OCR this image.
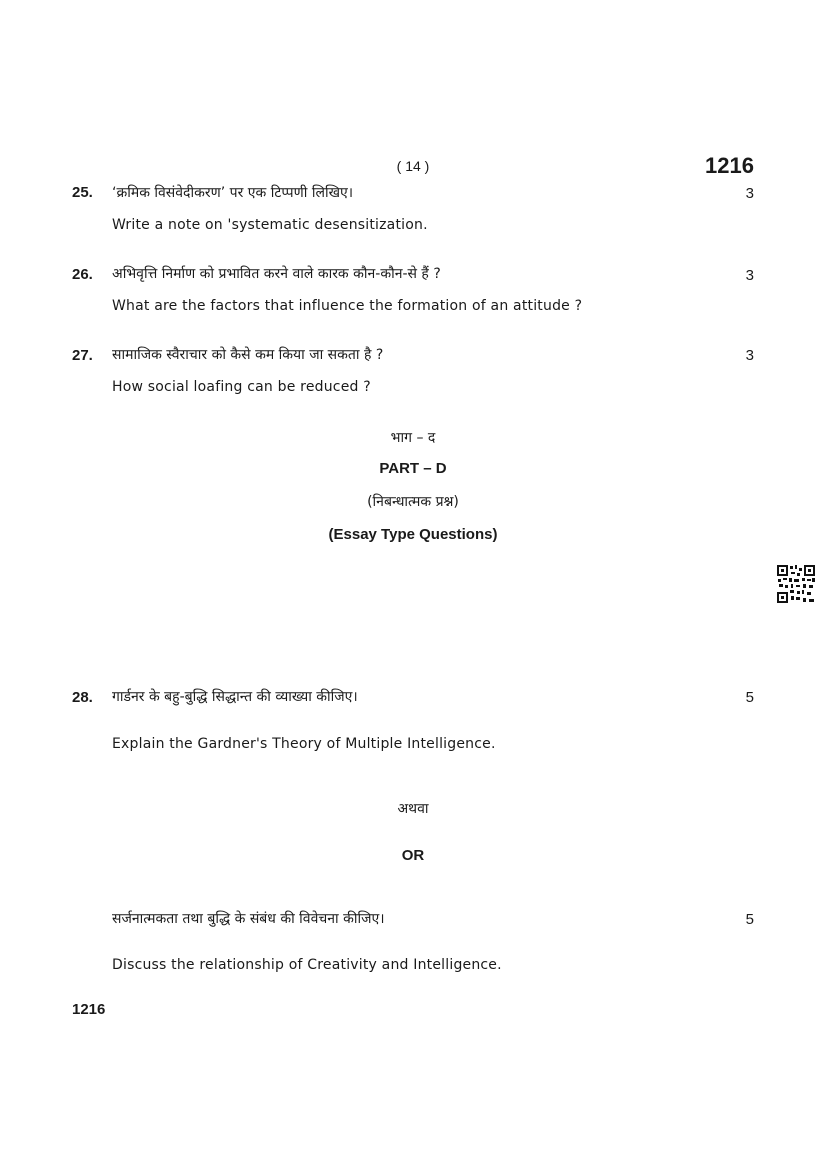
( 14 )	1216
25. ‘क्रमिक विसंवेदीकरण’ पर एक टिप्पणी लिखिए।	3
Write a note on 'systematic desensitization.
26. अभिवृत्ति निर्माण को प्रभावित करने वाले कारक कौन-कौन-से हैं ?	3
What are the factors that influence the formation of an attitude ?
27. सामाजिक स्वैराचार को कैसे कम किया जा सकता है ?	3
How social loafing can be reduced ?
भाग – द
PART – D
(निबन्धात्मक प्रश्न)
(Essay Type Questions)
28. गार्डनर के बहु-बुद्धि सिद्धान्त की व्याख्या कीजिए।	5
Explain the Gardner's Theory of Multiple Intelligence.
अथवा
OR
सर्जनात्मकता तथा बुद्धि के संबंध की विवेचना कीजिए।	5
Discuss the relationship of Creativity and Intelligence.
1216
